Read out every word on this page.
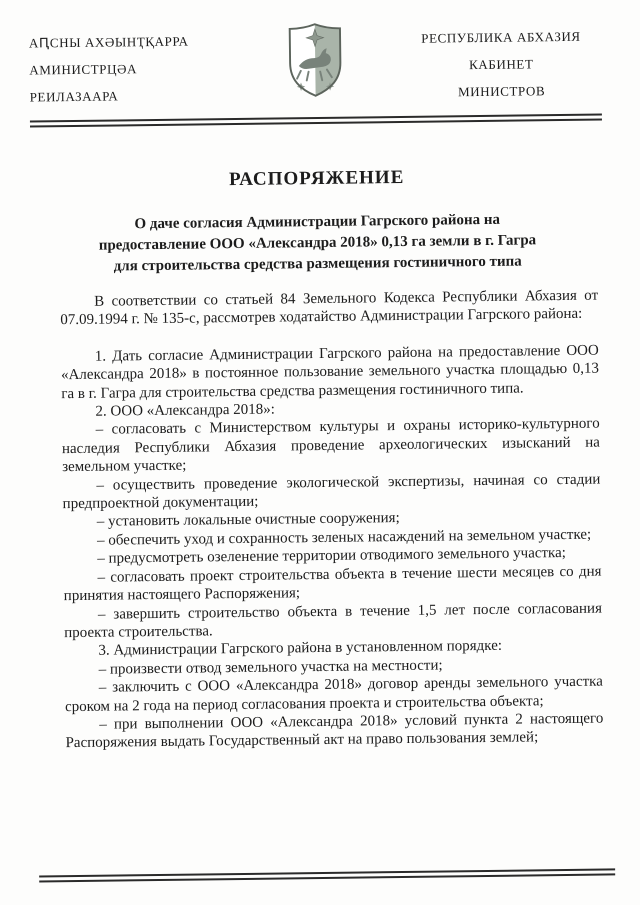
АԤСНЫ АХӘЫНҬҚАРРА
АМИНИСТРЦӘА
РЕИЛАЗААРА
РЕСПУБЛИКА АБХАЗИЯ
КАБИНЕТ
МИНИСТРОВ
РАСПОРЯЖЕНИЕ
О даче согласия Администрации Гагрского района на
предоставление ООО «Александра 2018» 0,13 га земли в г. Гагра
для строительства средства размещения гостиничного типа

В соответствии со статьей 84 Земельного Кодекса Республики Абхазия от 07.09.1994 г. № 135-с, рассмотрев ходатайство Администрации Гагрского района:

1. Дать согласие Администрации Гагрского района на предоставление ООО «Александра 2018» в постоянное пользование земельного участка площадью 0,13 га в г. Гагра для строительства средства размещения гостиничного типа.

2. ООО «Александра 2018»:

– согласовать с Министерством культуры и охраны историко-культурного наследия Республики Абхазия проведение археологических изысканий на земельном участке;

– осуществить проведение экологической экспертизы, начиная со стадии предпроектной документации;

– установить локальные очистные сооружения;

– обеспечить уход и сохранность зеленых насаждений на земельном участке;

– предусмотреть озеленение территории отводимого земельного участка;

– согласовать проект строительства объекта в течение шести месяцев со дня принятия настоящего Распоряжения;

– завершить строительство объекта в течение 1,5 лет после согласования проекта строительства.

3. Администрации Гагрского района в установленном порядке:

– произвести отвод земельного участка на местности;

– заключить с ООО «Александра 2018» договор аренды земельного участка сроком на 2 года на период согласования проекта и строительства объекта;

– при выполнении ООО «Александра 2018» условий пункта 2 настоящего Распоряжения выдать Государственный акт на право пользования землей;
